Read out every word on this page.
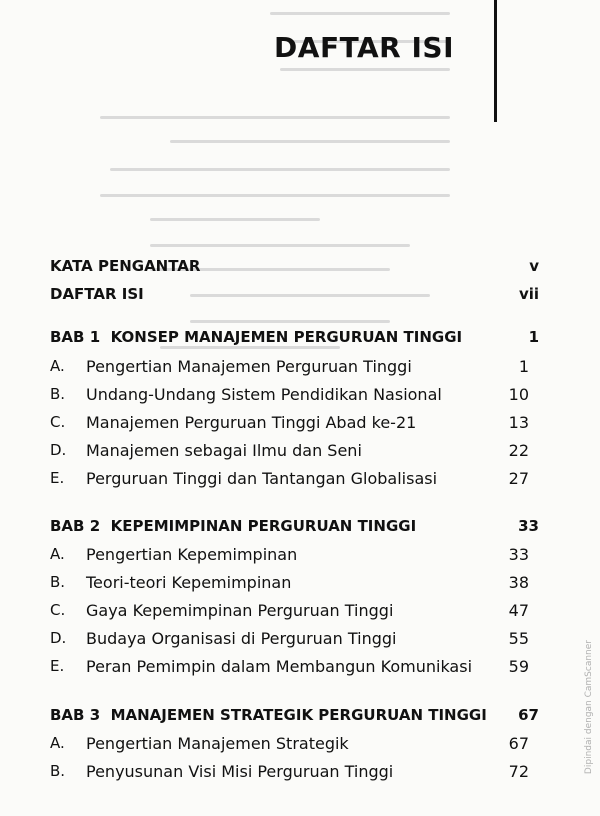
DAFTAR ISI
KATA PENGANTAR	v
DAFTAR ISI	vii
BAB 1  KONSEP MANAJEMEN PERGURUAN TINGGI	1
A.	Pengertian Manajemen Perguruan Tinggi	1
B.	Undang-Undang Sistem Pendidikan Nasional	10
C.	Manajemen Perguruan Tinggi Abad ke-21	13
D.	Manajemen sebagai Ilmu dan Seni	22
E.	Perguruan Tinggi dan Tantangan Globalisasi	27
BAB 2  KEPEMIMPINAN PERGURUAN TINGGI	33
A.	Pengertian Kepemimpinan	33
B.	Teori-teori Kepemimpinan	38
C.	Gaya Kepemimpinan Perguruan Tinggi	47
D.	Budaya Organisasi di Perguruan Tinggi	55
E.	Peran Pemimpin dalam Membangun Komunikasi	59
BAB 3  MANAJEMEN STRATEGIK PERGURUAN TINGGI	67
A.	Pengertian Manajemen Strategik	67
B.	Penyusunan Visi Misi Perguruan Tinggi	72	Dipindai dengan CamScanner
